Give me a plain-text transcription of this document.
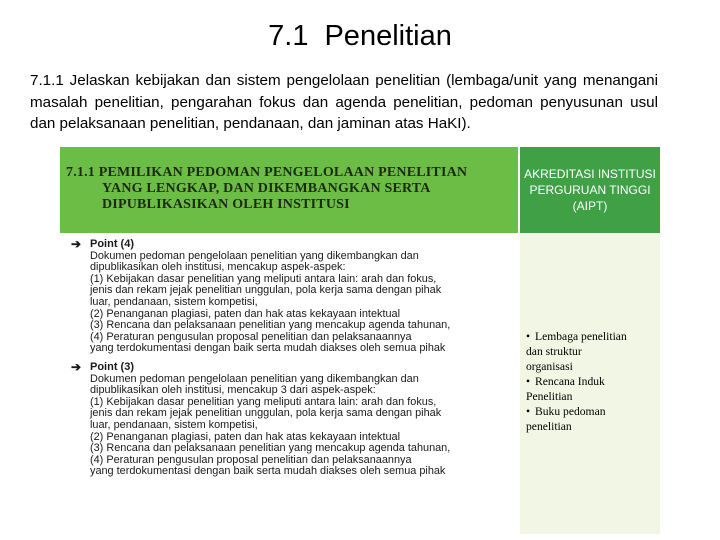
7.1 Penelitian
7.1.1 Jelaskan kebijakan dan sistem pengelolaan penelitian (lembaga/unit yang menangani masalah penelitian, pengarahan fokus dan agenda penelitian, pedoman penyusunan usul dan pelaksanaan penelitian, pendanaan, dan jaminan atas HaKI).
7.1.1 PEMILIKAN PEDOMAN PENGELOLAAN PENELITIAN
YANG LENGKAP, DAN DIKEMBANGKAN SERTA
DIPUBLIKASIKAN OLEH INSTITUSI
AKREDITASI INSTITUSI
PERGURUAN TINGGI
(AIPT)
➔ Point (4)
Dokumen pedoman pengelolaan penelitian yang dikembangkan dan
dipublikasikan oleh institusi, mencakup aspek-aspek:
(1) Kebijakan dasar penelitian yang meliputi antara lain: arah dan fokus,
jenis dan rekam jejak penelitian unggulan, pola kerja sama dengan pihak
luar, pendanaan, sistem kompetisi,
(2) Penanganan plagiasi, paten dan hak atas kekayaan intektual
(3) Rencana dan pelaksanaan penelitian yang mencakup agenda tahunan,
(4) Peraturan pengusulan proposal penelitian dan pelaksanaannya
yang terdokumentasi dengan baik serta mudah diakses oleh semua pihak
➔ Point (3)
Dokumen pedoman pengelolaan penelitian yang dikembangkan dan
dipublikasikan oleh institusi, mencakup 3 dari aspek-aspek:
(1) Kebijakan dasar penelitian yang meliputi antara lain: arah dan fokus,
jenis dan rekam jejak penelitian unggulan, pola kerja sama dengan pihak
luar, pendanaan, sistem kompetisi,
(2) Penanganan plagiasi, paten dan hak atas kekayaan intektual
(3) Rencana dan pelaksanaan penelitian yang mencakup agenda tahunan,
(4) Peraturan pengusulan proposal penelitian dan pelaksanaannya
yang terdokumentasi dengan baik serta mudah diakses oleh semua pihak
• Lembaga penelitian
dan struktur
organisasi
• Rencana Induk
Penelitian
• Buku pedoman
penelitian
